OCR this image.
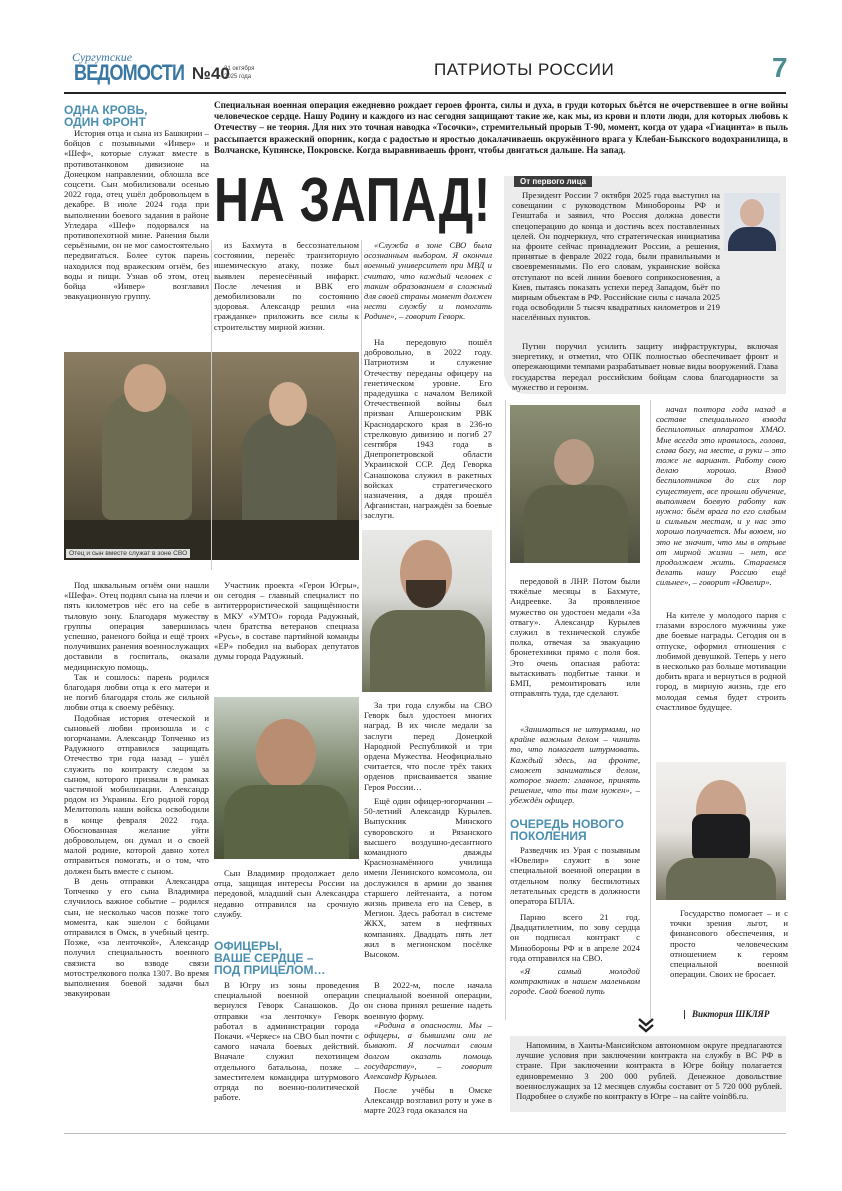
Сургутские
ВЕДОМОСТИ №40
31 октября
2025 года	ПАТРИОТЫ РОССИИ	7
ОДНА КРОВЬ,
ОДИН ФРОНТ
Специальная военная операция ежедневно рождает героев фронта, силы и духа, в груди которых бьётся не очерствевшее в огне войны человеческое сердце. Нашу Родину и каждого из нас сегодня защищают такие же, как мы, из крови и плоти люди, для которых любовь к Отечеству – не теория. Для них это точная наводка «Тосочки», стремительный прорыв Т-90, момент, когда от удара «Гиацинта» в пыль рассыпается вражеский опорник, когда с радостью и яростью докалачиваешь окружённого врага у Клебан-Быкского водохранилища, в Волчанске, Купянске, Покровске. Когда выравниваешь фронт, чтобы двигаться дальше. На запад.
НА ЗАПАД!
История отца и сына из Башкирии – бойцов с позывными «Инвер» и «Шеф», которые служат вместе в противотанковом дивизионе на Донецком направлении, облошла все соцсети. Сын мобилизовали осенью 2022 года, отец ушёл добровольцем в декабре. В июле 2024 года при выполнении боевого задания в районе Угледара «Шеф» подорвался на противопехотной мине. Ранения были серьёзными, он не мог самостоятельно передвигаться. Более суток парень находился под вражеским огнём, без воды и пищи. Узнав об этом, отец бойца «Инвер» возглавил эвакуационную группу.
Отец и сын вместе служат в зоне СВО

Под шквальным огнём они нашли «Шефа». Отец поднял сына на плечи и пять километров нёс его на себе в тыловую зону. Благодаря мужеству группы операция завершилась успешно, раненого бойца и ещё троих получивших ранения военнослужащих доставили в госпиталь, оказали медицинскую помощь.

Так и сошлось: парень родился благодаря любви отца к его матери и не погиб благодаря столь же сильной любви отца к своему ребёнку.

Подобная история отеческой и сыновьей любви произошла и с югорчанами. Александр Топченко из Радужного отправился защищать Отечество три года назад – ушёл служить по контракту следом за сыном, которого призвали в рамках частичной мобилизации. Александр родом из Украины. Его родной город Мелитополь наши войска освободили в конце февраля 2022 года. Обоснованная желание уйти добровольцем, он думал и о своей малой родине, которой давно хотел отправиться помогать, и о том, что должен быть вместе с сыном.

В день отправки Александра Топченко у его сына Владимира случилось важное событие – родился сын, не несколько часов позже того момента, как эшелон с бойцами отправился в Омск, в учебный центр. Позже, «за ленточкой», Александр получил специальность военного связиста во взводе связи мотострелкового полка 1307. Во время выполнения боевой задачи был эвакуирован

из Бахмута в бессознательном состоянии, перенёс транзиторную ишемическую атаку, позже был выявлен перенесённый инфаркт. После лечения и ВВК его демобилизовали по состоянию здоровья. Александр решил «на гражданке» приложить все силы к строительству мирной жизни.
Участник проекта «Герои Югры», он сегодня – главный специалист по антитеррористической защищённости в МКУ «УМТО» города Радужный, член братства ветеранов спецназа «Русь», в составе партийной команды «ЕР» победил на выборах депутатов думы города Радужный.
Сын Владимир продолжает дело отца, защищая интересы России на передовой, младший сын Александра недавно отправился на срочную службу.
ОФИЦЕРЫ,
ВАШЕ СЕРДЦЕ –
ПОД ПРИЦЕЛОМ…
В Югру из зоны проведения специальной военной операции вернулся Геворк Санашоков. До отправки «за ленточку» Геворк работал в администрации города Покачи. «Черкес» на СВО был почти с самого начала боевых действий. Вначале служил пехотинцем отдельного батальона, позже – заместителем командира штурмового отряда по военно-политической работе.
«Служба в зоне СВО была осознанным выбором. Я окончил военный университет при МВД и считаю, что каждый человек с таким образованием в сложный для своей страны момент должен нести службу и помогать Родине», – говорит Геворк.
На передовую пошёл добровольно, в 2022 году. Патриотизм и служение Отечеству переданы офицеру на генетическом уровне. Его прадедушка с началом Великой Отечественной войны был призван Апшеронским РВК Краснодарского края в 236-ю стрелковую дивизию и погиб 27 сентября 1943 года в Днепропетровской области Украинской ССР. Дед Геворка Санашокова служил в ракетных войсках стратегического назначения, а дядя прошёл Афганистан, награждён за боевые заслуги.
За три года службы на СВО Геворк был удостоен многих наград. В их числе медали за заслуги перед Донецкой Народной Республикой и три ордена Мужества. Неофициально считается, что после трёх таких орденов присваивается звание Героя России…
Ещё один офицер-югорчанин – 50-летний Александр Курылев. Выпускник Минского суворовского и Рязанского высшего воздушно-десантного командного дважды Краснознамённого училища имени Ленинского комсомола, он дослужился в армии до звания старшего лейтенанта, а потом жизнь привела его на Север, в Мегион. Здесь работал в системе ЖКХ, затем в нефтяных компаниях. Двадцать пять лет жил в мегионском посёлке Высоком.
В 2022-м, после начала специальной военной операции, он снова принял решение надеть военную форму.
«Родина в опасности. Мы – офицеры, а бывшими они не бывают. Я посчитал своим долгом оказать помощь государству», – говорит Александр Курылев.
После учёбы в Омске Александр возглавил роту и уже в марте 2023 года оказался на
От первого лица
Президент России 7 октября 2025 года выступил на совещании с руководством Минобороны РФ и Генштаба и заявил, что Россия должна довести спецоперацию до конца и достичь всех поставленных целей. Он подчеркнул, что стратегическая инициатива на фронте сейчас принадлежит России, а решения, принятые в феврале 2022 года, были правильными и своевременными. По его словам, украинские войска отступают по всей линии боевого соприкосновения, а Киев, пытаясь показать успехи перед Западом, бьёт по мирным объектам в РФ. Российские силы с начала 2025 года освободили 5 тысяч квадратных километров и 219 населённых пунктов.
Путин поручил усилить защиту инфраструктуры, включая энергетику, и отметил, что ОПК полностью обеспечивает фронт и опережающими темпами разрабатывает новые виды вооружений. Глава государства передал российским бойцам слова благодарности за мужество и героизм.
передовой в ЛНР. Потом были тяжёлые месяцы в Бахмуте, Андреевке. За проявленное мужество он удостоен медали «За отвагу». Александр Курылев служил в технической службе полка, отвечая за эвакуацию бронетехники прямо с поля боя. Это очень опасная работа: вытаскивать подбитые танки и БМП, ремонтировать или отправлять туда, где сделают.
«Заниматься не штурмами, но крайне важным делом – чинить то, что помогает штурмовать. Каждый здесь, на фронте, сможет заниматься делом, которое знает: главное, принять решение, что ты там нужен», – убеждён офицер.
ОЧЕРЕДЬ НОВОГО
ПОКОЛЕНИЯ
Разведчик из Урая с позывным «Ювелир» служит в зоне специальной военной операции в отдельном полку беспилотных летательных средств в должности оператора БПЛА.
Парню всего 21 год. Двадцатилетним, по зову сердца он подписал контракт с Минобороны РФ и в апреле 2024 года отправился на СВО.
«Я самый молодой контрактник в нашем маленьком городе. Свой боевой путь
начал полтора года назад в составе специального взвода беспилотных аппаратов ХМАО. Мне всегда это нравилось, голова, слава богу, на месте, а руки – это тоже не вариант. Работу свою делаю хорошо. Взвод беспилотников до сих пор существует, все прошли обучение, выполняем боевую работу как нужно: бьём врага по его слабым и сильным местам, и у нас это хорошо получается. Мы воюем, но это не значит, что мы в отрыве от мирной жизни – нет, все продолжаем жить. Стараемся делать нашу Россию ещё сильнее», – говорит «Ювелир».
На кителе у молодого парня с глазами взрослого мужчины уже две боевые награды. Сегодня он в отпуске, оформил отношения с любимой девушкой. Теперь у него в несколько раз больше мотивации добить врага и вернуться в родной город, в мирную жизнь, где его молодая семья будет строить счастливое будущее.
Государство помогает – и с точки зрения льгот, и финансового обеспечения, и просто человеческим отношением к героям специальной военной операции. Своих не бросает.
Виктория ШКЛЯР
Напомним, в Ханты-Мансийском автономном округе предлагаются лучшие условия при заключении контракта на службу в ВС РФ в стране. При заключении контракта в Югре бойцу полагается единовременно 3 200 000 рублей. Денежное довольствие военнослужащих за 12 месяцев службы составит от 5 720 000 рублей. Подробнее о службе по контракту в Югре – на сайте voin86.ru.
